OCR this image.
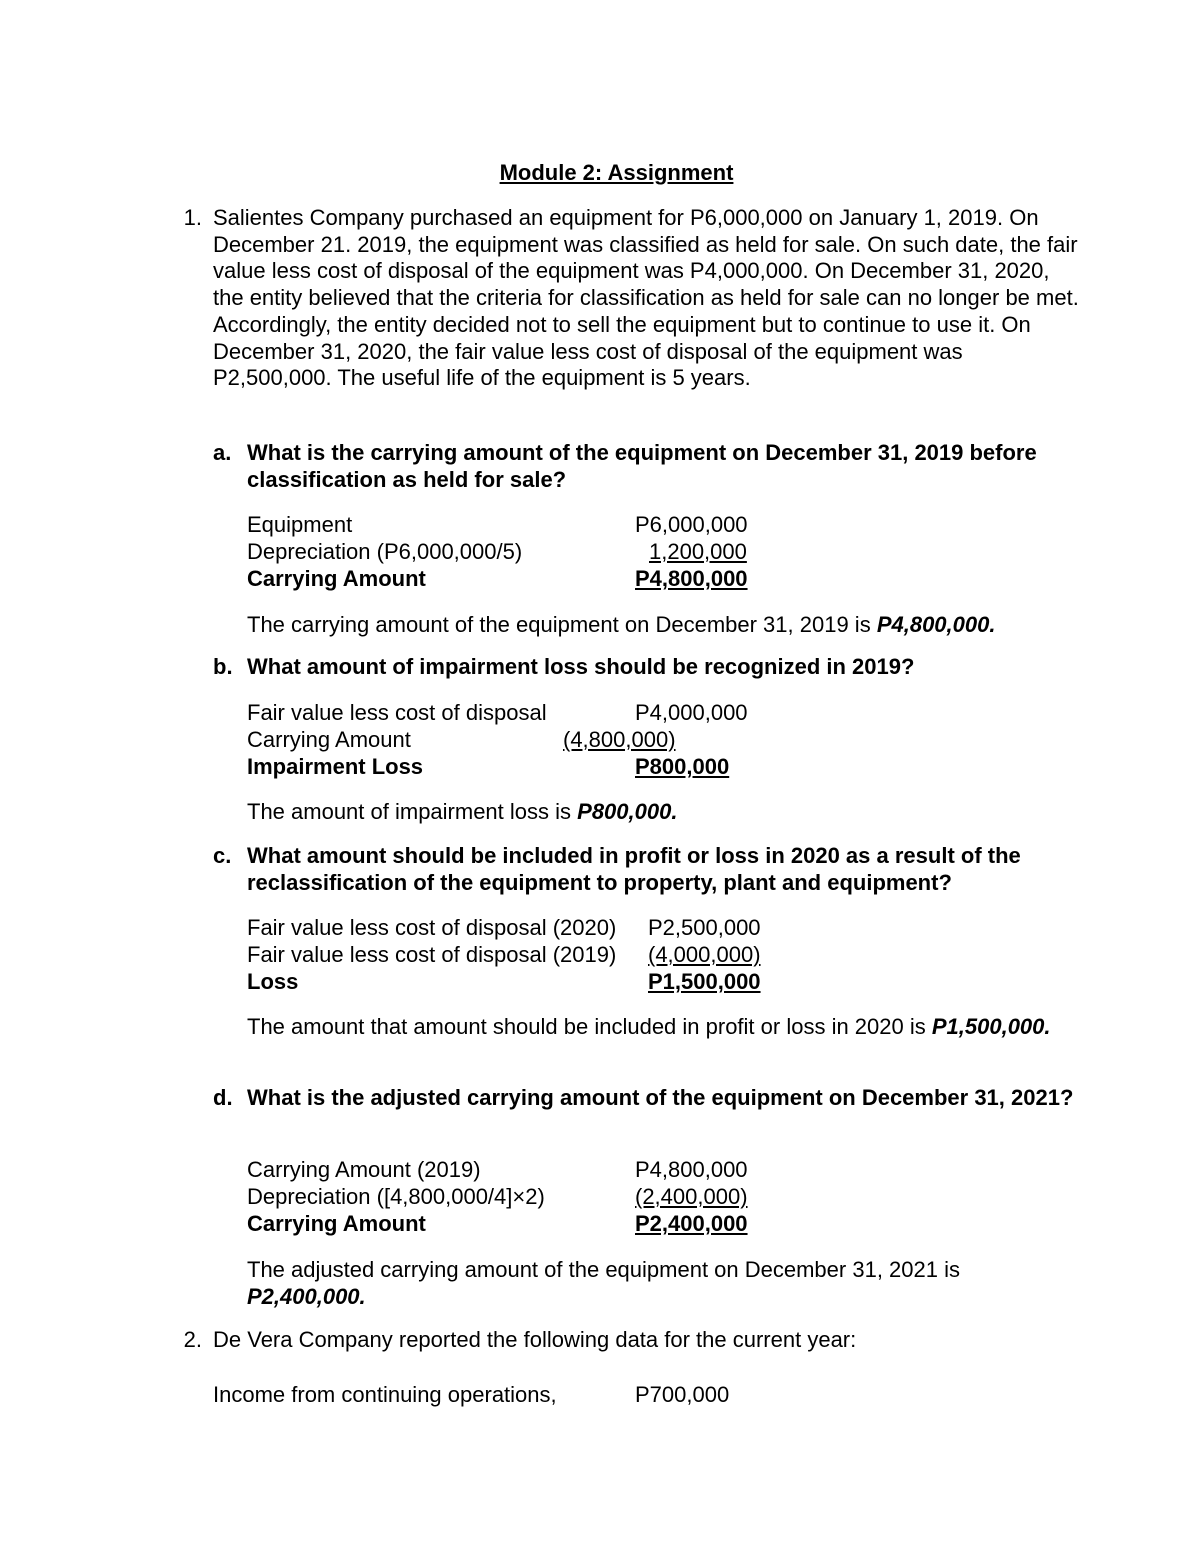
Module 2: Assignment
1. Salientes Company purchased an equipment for P6,000,000 on January 1, 2019. On December 21. 2019, the equipment was classified as held for sale. On such date, the fair value less cost of disposal of the equipment was P4,000,000. On December 31, 2020, the entity believed that the criteria for classification as held for sale can no longer be met. Accordingly, the entity decided not to sell the equipment but to continue to use it. On December 31, 2020, the fair value less cost of disposal of the equipment was P2,500,000. The useful life of the equipment is 5 years.
a. What is the carrying amount of the equipment on December 31, 2019 before classification as held for sale?
Equipment	P6,000,000
Depreciation (P6,000,000/5)	1,200,000
Carrying Amount	P4,800,000
The carrying amount of the equipment on December 31, 2019 is P4,800,000.
b. What amount of impairment loss should be recognized in 2019?
Fair value less cost of disposal	P4,000,000
Carrying Amount	(4,800,000)
Impairment Loss	P800,000
The amount of impairment loss is P800,000.
c. What amount should be included in profit or loss in 2020 as a result of the reclassification of the equipment to property, plant and equipment?
Fair value less cost of disposal (2020) P2,500,000
Fair value less cost of disposal (2019) (4,000,000)
Loss	P1,500,000
The amount that amount should be included in profit or loss in 2020 is P1,500,000.
d. What is the adjusted carrying amount of the equipment on December 31, 2021?
Carrying Amount (2019)	P4,800,000
Depreciation ([4,800,000/4]×2)	(2,400,000)
Carrying Amount	P2,400,000
The adjusted carrying amount of the equipment on December 31, 2021 is P2,400,000.
2. De Vera Company reported the following data for the current year:
Income from continuing operations,	P700,000
